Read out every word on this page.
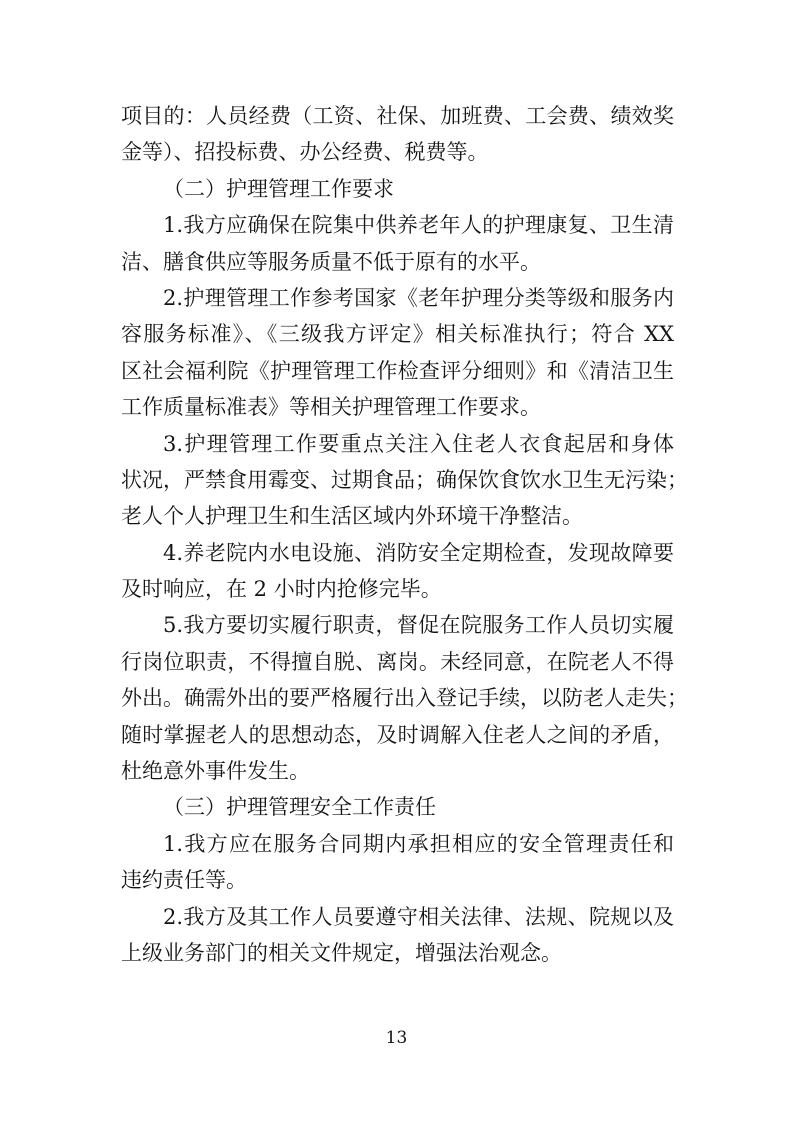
项目的：人员经费（工资、社保、加班费、工会费、绩效奖
金等）、招投标费、办公经费、税费等。
（二）护理管理工作要求
1.我方应确保在院集中供养老年人的护理康复、卫生清
洁、膳食供应等服务质量不低于原有的水平。
2.护理管理工作参考国家《老年护理分类等级和服务内
容服务标准》、《三级我方评定》相关标准执行；符合 XX
区社会福利院《护理管理工作检查评分细则》和《清洁卫生
工作质量标准表》等相关护理管理工作要求。
3.护理管理工作要重点关注入住老人衣食起居和身体
状况，严禁食用霉变、过期食品；确保饮食饮水卫生无污染；
老人个人护理卫生和生活区域内外环境干净整洁。
4.养老院内水电设施、消防安全定期检查，发现故障要
及时响应，在 2 小时内抢修完毕。
5.我方要切实履行职责，督促在院服务工作人员切实履
行岗位职责，不得擅自脱、离岗。未经同意，在院老人不得
外出。确需外出的要严格履行出入登记手续，以防老人走失；
随时掌握老人的思想动态，及时调解入住老人之间的矛盾，
杜绝意外事件发生。
（三）护理管理安全工作责任
1.我方应在服务合同期内承担相应的安全管理责任和
违约责任等。
2.我方及其工作人员要遵守相关法律、法规、院规以及
上级业务部门的相关文件规定，增强法治观念。
13
